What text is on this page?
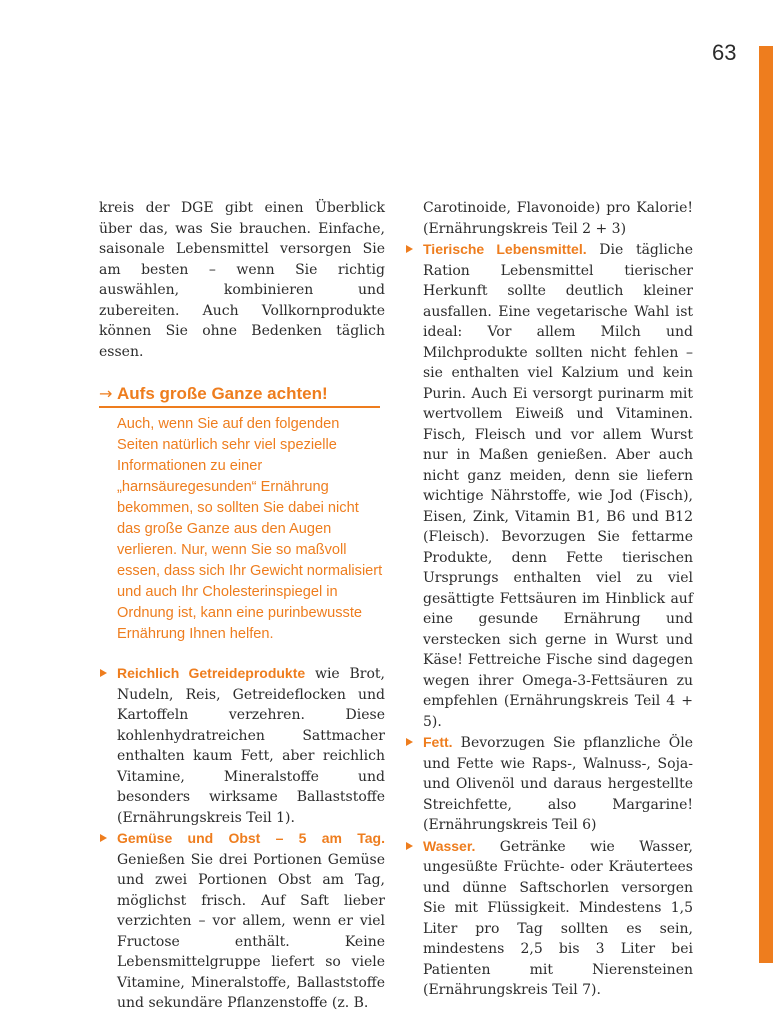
63

kreis der DGE gibt einen Überblick über das, was Sie brauchen. Einfache, saisonale Lebensmittel versorgen Sie am besten – wenn Sie richtig auswählen, kombinieren und zubereiten. Auch Vollkornprodukte können Sie ohne Bedenken täglich essen.

→ Aufs große Ganze achten!

Auch, wenn Sie auf den folgenden Seiten natürlich sehr viel spezielle Informationen zu einer „harnsäuregesunden“ Ernährung bekommen, so sollten Sie dabei nicht das große Ganze aus den Augen verlieren. Nur, wenn Sie so maßvoll essen, dass sich Ihr Gewicht normalisiert und auch Ihr Cholesterinspiegel in Ordnung ist, kann eine purinbewusste Ernährung Ihnen helfen.

Reichlich Getreideprodukte wie Brot, Nudeln, Reis, Getreideflocken und Kartoffeln verzehren. Diese kohlenhydratreichen Sattmacher enthalten kaum Fett, aber reichlich Vitamine, Mineralstoffe und besonders wirksame Ballaststoffe (Ernährungskreis Teil 1).

Gemüse und Obst – 5 am Tag. Genießen Sie drei Portionen Gemüse und zwei Portionen Obst am Tag, möglichst frisch. Auf Saft lieber verzichten – vor allem, wenn er viel Fructose enthält. Keine Lebensmittelgruppe liefert so viele Vitamine, Mineralstoffe, Ballaststoffe und sekundäre Pflanzenstoffe (z. B.

Carotinoide, Flavonoide) pro Kalorie! (Ernährungskreis Teil 2 + 3)

Tierische Lebensmittel. Die tägliche Ration Lebensmittel tierischer Herkunft sollte deutlich kleiner ausfallen. Eine vegetarische Wahl ist ideal: Vor allem Milch und Milchprodukte sollten nicht fehlen – sie enthalten viel Kalzium und kein Purin. Auch Ei versorgt purinarm mit wertvollem Eiweiß und Vitaminen. Fisch, Fleisch und vor allem Wurst nur in Maßen genießen. Aber auch nicht ganz meiden, denn sie liefern wichtige Nährstoffe, wie Jod (Fisch), Eisen, Zink, Vitamin B1, B6 und B12 (Fleisch). Bevorzugen Sie fettarme Produkte, denn Fette tierischen Ursprungs enthalten viel zu viel gesättigte Fettsäuren im Hinblick auf eine gesunde Ernährung und verstecken sich gerne in Wurst und Käse! Fettreiche Fische sind dagegen wegen ihrer Omega-3-Fettsäuren zu empfehlen (Ernährungskreis Teil 4 + 5).

Fett. Bevorzugen Sie pflanzliche Öle und Fette wie Raps-, Walnuss-, Soja- und Olivenöl und daraus hergestellte Streichfette, also Margarine! (Ernährungskreis Teil 6)

Wasser. Getränke wie Wasser, ungesüßte Früchte- oder Kräutertees und dünne Saftschorlen versorgen Sie mit Flüssigkeit. Mindestens 1,5 Liter pro Tag sollten es sein, mindestens 2,5 bis 3 Liter bei Patienten mit Nierensteinen (Ernährungskreis Teil 7).
